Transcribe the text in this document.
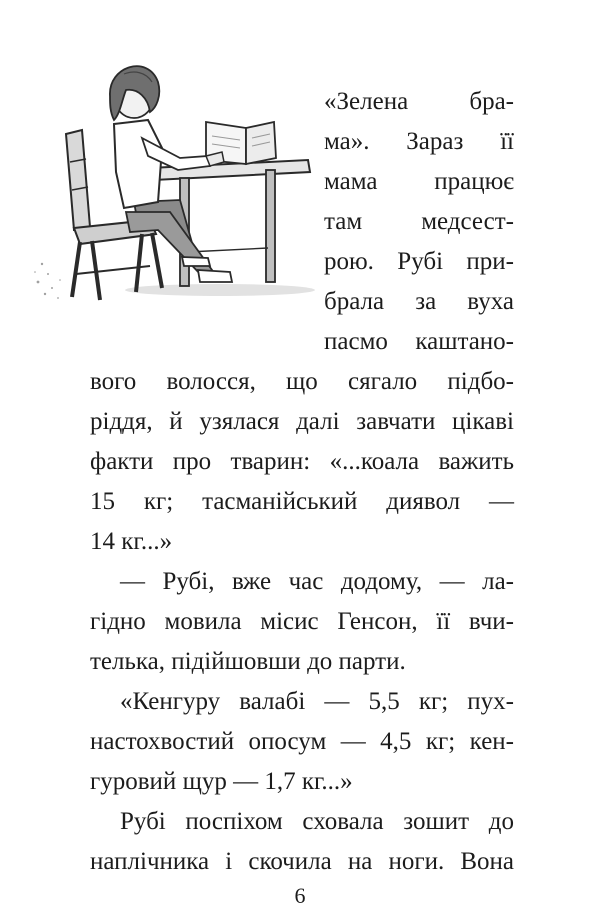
«Зелена бра-
ма». Зараз її
мама працює
там медсест-
рою. Рубі при-
брала за вуха
пасмо каштано-
вого волосся, що сягало підбо-
ріддя, й узялася далі завчати цікаві
факти про тварин: «...коала важить
15 кг; тасманійський диявол —
14 кг...»
— Рубі, вже час додому, — ла-
гідно мовила місис Генсон, її вчи-
телька, підійшовши до парти.
«Кенгуру валабі — 5,5 кг; пух-
настохвостий опосум — 4,5 кг; кен-
гуровий щур — 1,7 кг...»
Рубі поспіхом сховала зошит до
наплічника і скочила на ноги. Вона
6
